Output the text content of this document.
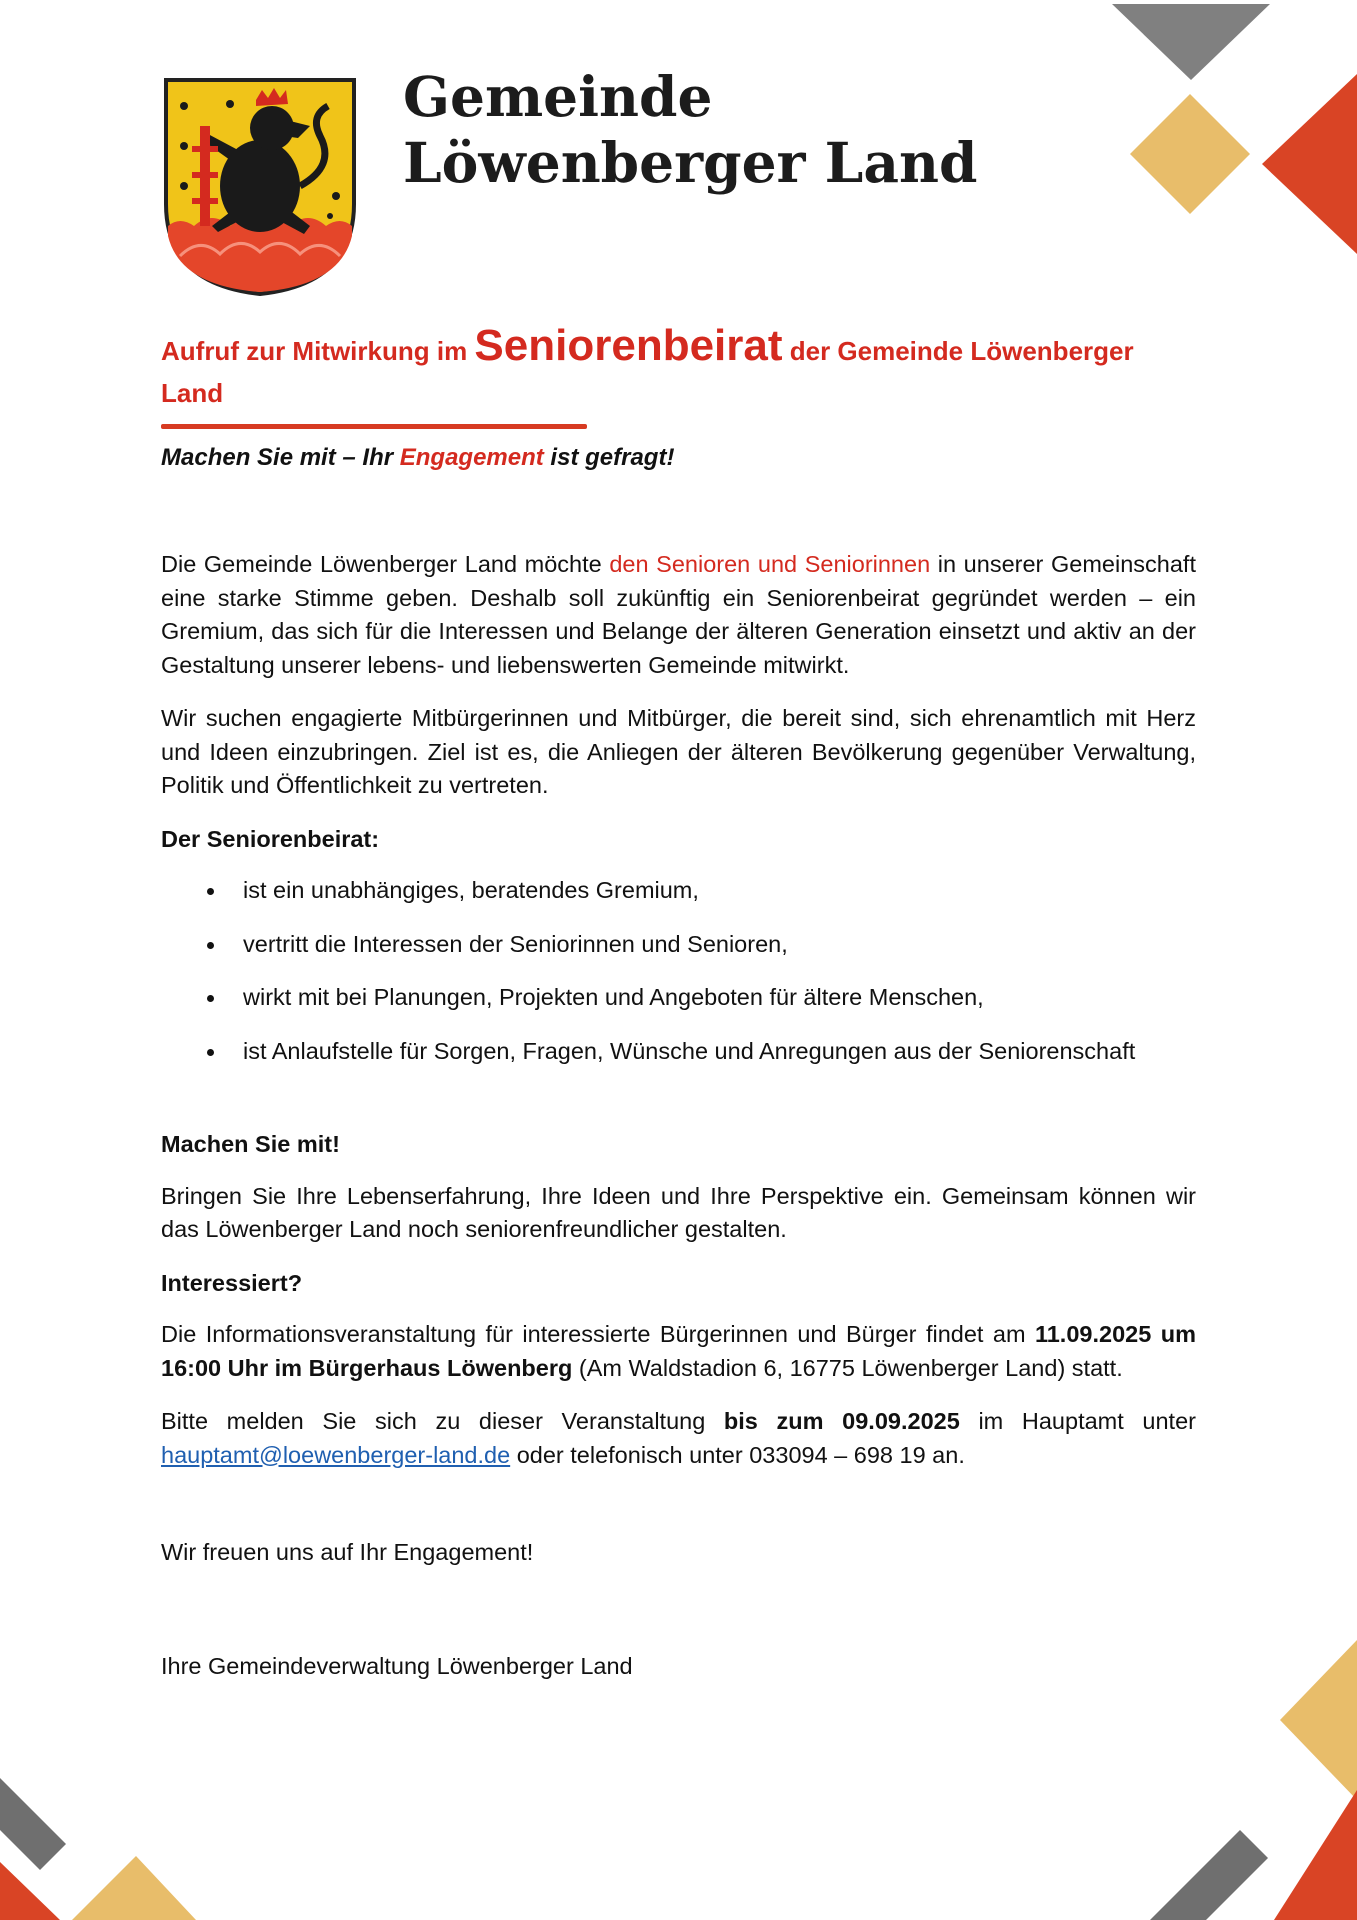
Gemeinde
Löwenberger Land
Aufruf zur Mitwirkung im Seniorenbeirat der Gemeinde Löwenberger Land

Machen Sie mit – Ihr Engagement ist gefragt!

Die Gemeinde Löwenberger Land möchte den Senioren und Seniorinnen in unserer Gemeinschaft eine starke Stimme geben. Deshalb soll zukünftig ein Seniorenbeirat gegründet werden – ein Gremium, das sich für die Interessen und Belange der älteren Generation einsetzt und aktiv an der Gestaltung unserer lebens- und liebenswerten Gemeinde mitwirkt.

Wir suchen engagierte Mitbürgerinnen und Mitbürger, die bereit sind, sich ehrenamtlich mit Herz und Ideen einzubringen. Ziel ist es, die Anliegen der älteren Bevölkerung gegenüber Verwaltung, Politik und Öffentlichkeit zu vertreten.

Der Seniorenbeirat:
ist ein unabhängiges, beratendes Gremium,
vertritt die Interessen der Seniorinnen und Senioren,
wirkt mit bei Planungen, Projekten und Angeboten für ältere Menschen,
ist Anlaufstelle für Sorgen, Fragen, Wünsche und Anregungen aus der Seniorenschaft
Machen Sie mit!

Bringen Sie Ihre Lebenserfahrung, Ihre Ideen und Ihre Perspektive ein. Gemeinsam können wir das Löwenberger Land noch seniorenfreundlicher gestalten.

Interessiert?

Die Informationsveranstaltung für interessierte Bürgerinnen und Bürger findet am 11.09.2025 um 16:00 Uhr im Bürgerhaus Löwenberg (Am Waldstadion 6, 16775 Löwenberger Land) statt.

Bitte melden Sie sich zu dieser Veranstaltung bis zum 09.09.2025 im Hauptamt unter hauptamt@loewenberger-land.de oder telefonisch unter 033094 – 698 19 an.

Wir freuen uns auf Ihr Engagement!

Ihre Gemeindeverwaltung Löwenberger Land
